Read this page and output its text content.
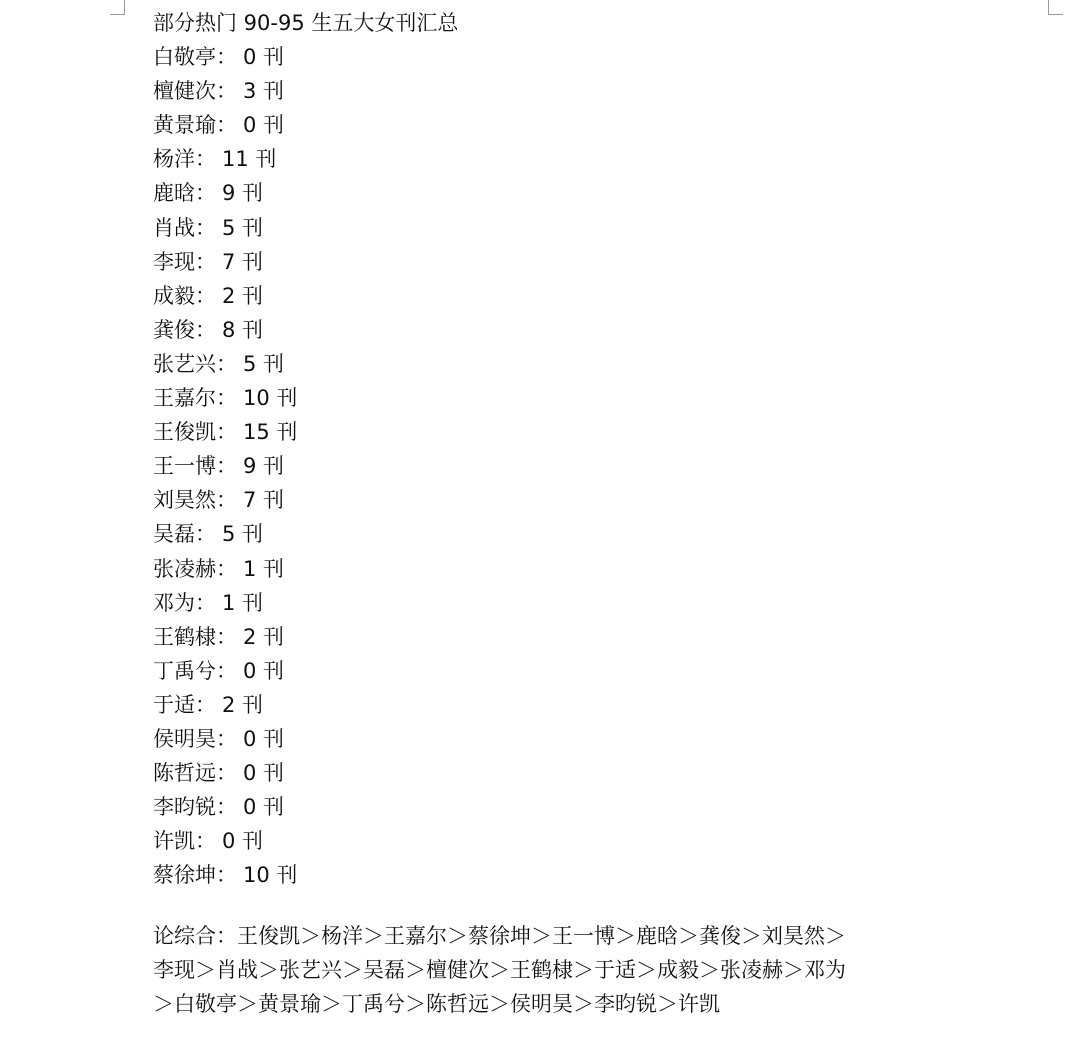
部分热门 90-95 生五大女刊汇总
白敬亭： 0 刊
檀健次： 3 刊
黄景瑜： 0 刊
杨洋： 11 刊
鹿晗： 9 刊
肖战： 5 刊
李现： 7 刊
成毅： 2 刊
龚俊： 8 刊
张艺兴： 5 刊
王嘉尔： 10 刊
王俊凯： 15 刊
王一博： 9 刊
刘昊然： 7 刊
吴磊： 5 刊
张凌赫： 1 刊
邓为： 1 刊
王鹤棣： 2 刊
丁禹兮： 0 刊
于适： 2 刊
侯明昊： 0 刊
陈哲远： 0 刊
李昀锐： 0 刊
许凯： 0 刊
蔡徐坤： 10 刊
论综合：王俊凯＞杨洋＞王嘉尔＞蔡徐坤＞王一博＞鹿晗＞龚俊＞刘昊然＞
李现＞肖战＞张艺兴＞吴磊＞檀健次＞王鹤棣＞于适＞成毅＞张凌赫＞邓为
＞白敬亭＞黄景瑜＞丁禹兮＞陈哲远＞侯明昊＞李昀锐＞许凯
